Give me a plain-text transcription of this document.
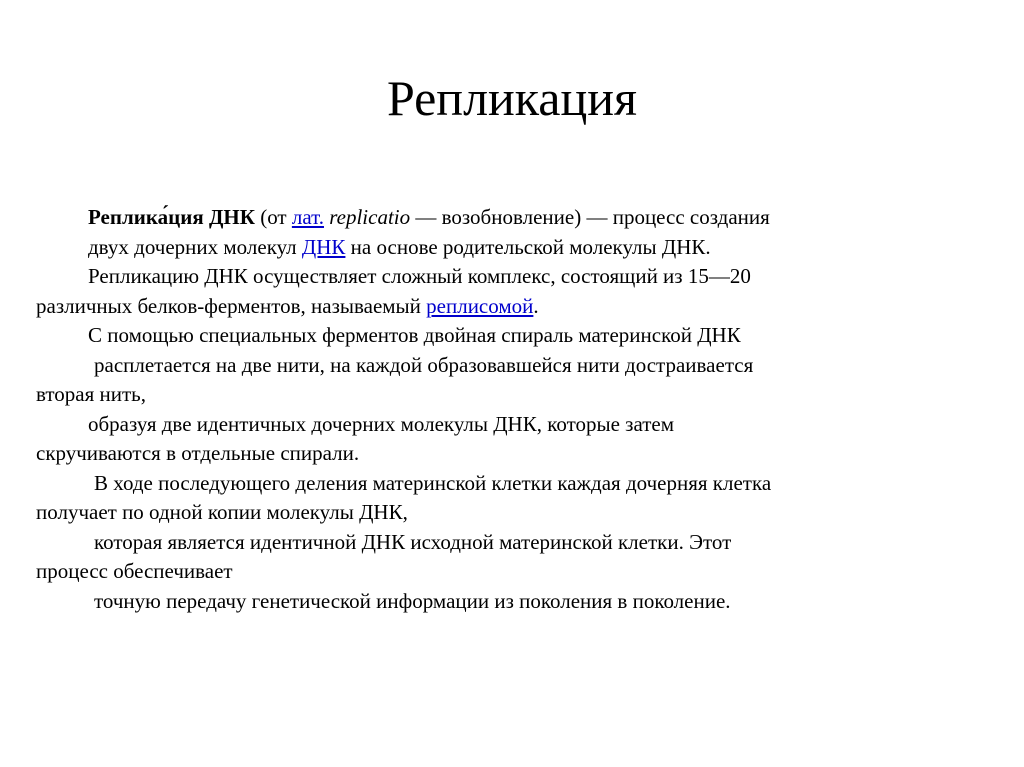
Репликация
Реплика́ция ДНК (от лат. replicatio — возобновление) — процесс создания
двух дочерних молекул ДНК на основе родительской молекулы ДНК.
Репликацию ДНК осуществляет сложный комплекс, состоящий из 15—20
различных белков-ферментов, называемый реплисомой.
С помощью специальных ферментов двойная спираль материнской ДНК
расплетается на две нити, на каждой образовавшейся нити достраивается
вторая нить,
образуя две идентичных дочерних молекулы ДНК, которые затем
скручиваются в отдельные спирали.
В ходе последующего деления материнской клетки каждая дочерняя клетка
получает по одной копии молекулы ДНК,
которая является идентичной ДНК исходной материнской клетки. Этот
процесс обеспечивает
точную передачу генетической информации из поколения в поколение.
